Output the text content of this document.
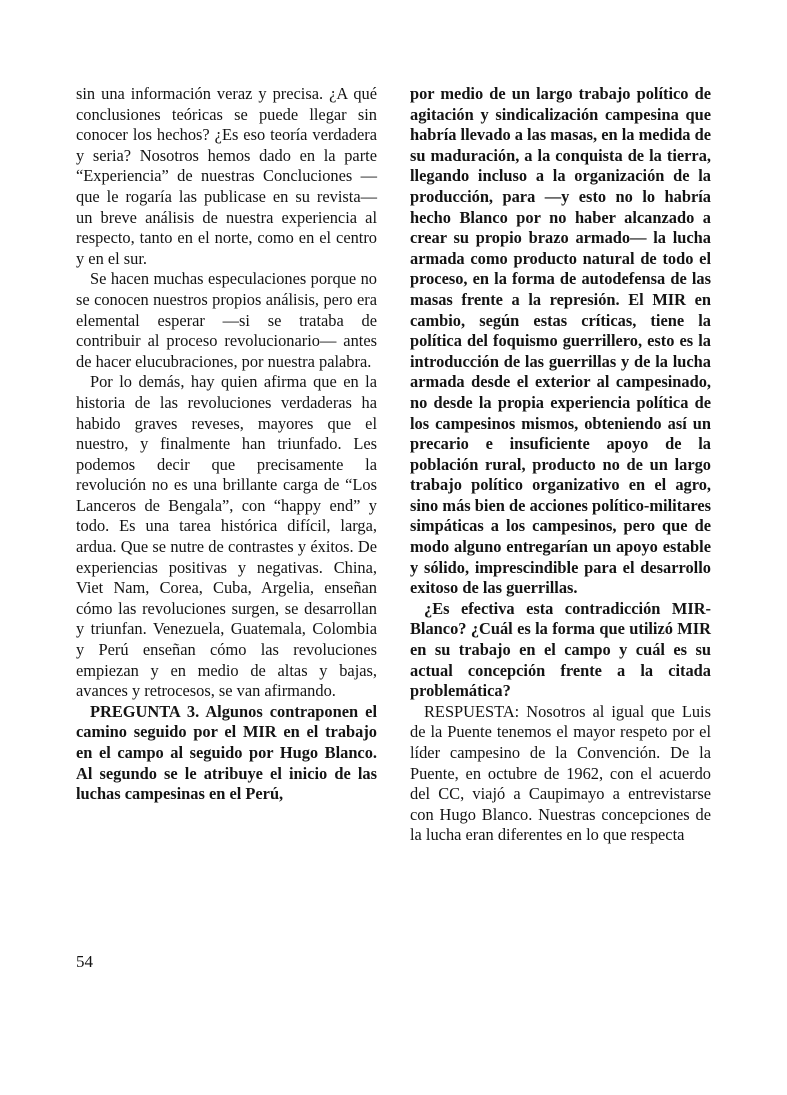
sin una información veraz y precisa. ¿A qué conclusiones teóricas se puede llegar sin conocer los hechos? ¿Es eso teoría verdadera y seria? Nosotros hemos dado en la parte “Experiencia” de nuestras Concluciones —que le rogaría las publicase en su revista— un breve análisis de nuestra experiencia al respecto, tanto en el norte, como en el centro y en el sur.

Se hacen muchas especulaciones porque no se conocen nuestros propios análisis, pero era elemental esperar —si se trataba de contribuir al proceso revolucionario— antes de hacer elucubraciones, por nuestra palabra.

Por lo demás, hay quien afirma que en la historia de las revoluciones verdaderas ha habido graves reveses, mayores que el nuestro, y finalmente han triunfado. Les podemos decir que precisamente la revolución no es una brillante carga de “Los Lanceros de Bengala”, con “happy end” y todo. Es una tarea histórica difícil, larga, ardua. Que se nutre de contrastes y éxitos. De experiencias positivas y negativas. China, Viet Nam, Corea, Cuba, Argelia, enseñan cómo las revoluciones surgen, se desarrollan y triunfan. Venezuela, Guatemala, Colombia y Perú enseñan cómo las revoluciones empiezan y en medio de altas y bajas, avances y retrocesos, se van afirmando.

PREGUNTA 3. Algunos contraponen el camino seguido por el MIR en el trabajo en el campo al seguido por Hugo Blanco. Al segundo se le atribuye el inicio de las luchas campesinas en el Perú,

por medio de un largo trabajo político de agitación y sindicalización campesina que habría llevado a las masas, en la medida de su maduración, a la conquista de la tierra, llegando incluso a la organización de la producción, para —y esto no lo habría hecho Blanco por no haber alcanzado a crear su propio brazo armado— la lucha armada como producto natural de todo el proceso, en la forma de autodefensa de las masas frente a la represión. El MIR en cambio, según estas críticas, tiene la política del foquismo guerrillero, esto es la introducción de las guerrillas y de la lucha armada desde el exterior al campesinado, no desde la propia experiencia política de los campesinos mismos, obteniendo así un precario e insuficiente apoyo de la población rural, producto no de un largo trabajo político organizativo en el agro, sino más bien de acciones político-militares simpáticas a los campesinos, pero que de modo alguno entregarían un apoyo estable y sólido, imprescindible para el desarrollo exitoso de las guerrillas.

¿Es efectiva esta contradicción MIR-Blanco? ¿Cuál es la forma que utilizó MIR en su trabajo en el campo y cuál es su actual concepción frente a la citada problemática?

RESPUESTA: Nosotros al igual que Luis de la Puente tenemos el mayor respeto por el líder campesino de la Convención. De la Puente, en octubre de 1962, con el acuerdo del CC, viajó a Caupimayo a entrevistarse con Hugo Blanco. Nuestras concepciones de la lucha eran diferentes en lo que respecta

54
